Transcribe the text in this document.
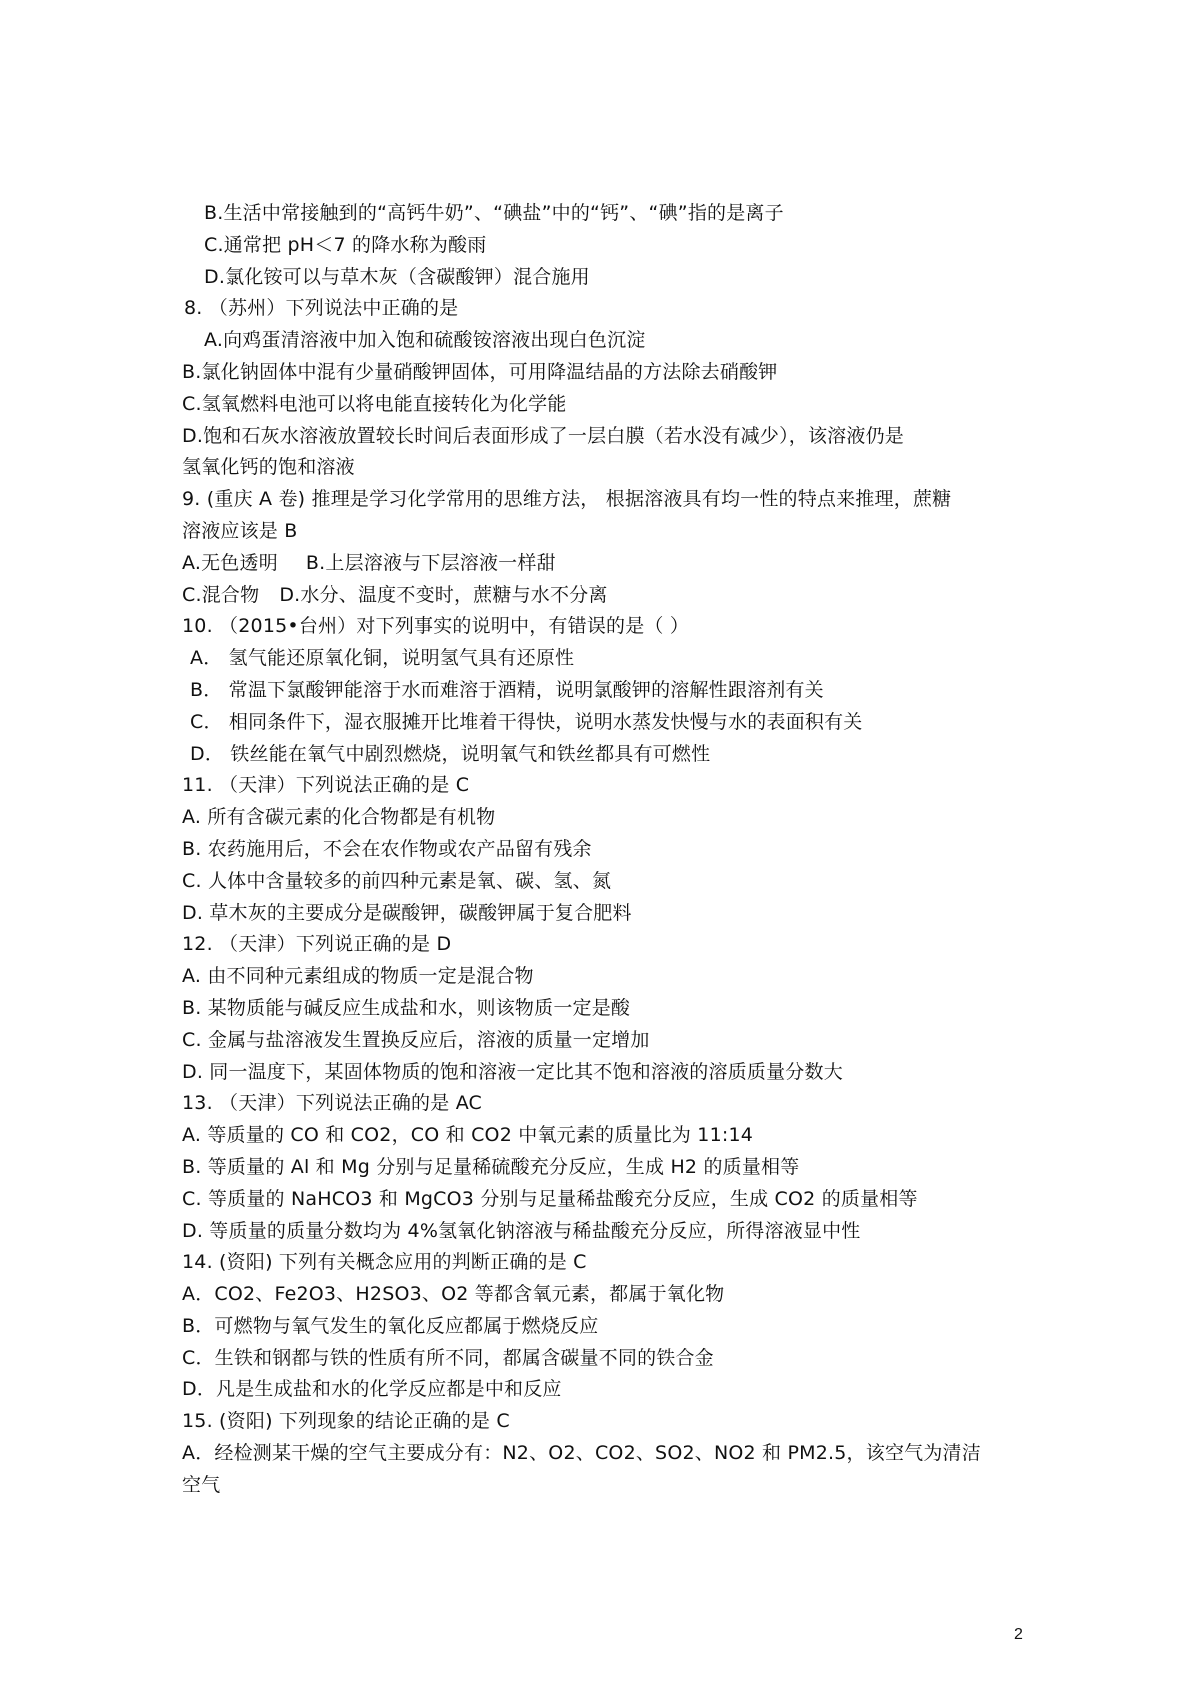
B.生活中常接触到的“高钙牛奶”、“碘盐”中的“钙”、“碘”指的是离子
C.通常把 pH＜7 的降水称为酸雨
D.氯化铵可以与草木灰（含碳酸钾）混合施用
8. （苏州）下列说法中正确的是
A.向鸡蛋清溶液中加入饱和硫酸铵溶液出现白色沉淀
B.氯化钠固体中混有少量硝酸钾固体，可用降温结晶的方法除去硝酸钾
C.氢氧燃料电池可以将电能直接转化为化学能
D.饱和石灰水溶液放置较长时间后表面形成了一层白膜（若水没有减少），该溶液仍是
氢氧化钙的饱和溶液
9. (重庆 A 卷) 推理是学习化学常用的思维方法， 根据溶液具有均一性的特点来推理，蔗糖
溶液应该是 B
A.无色透明 B.上层溶液与下层溶液一样甜
C.混合物 D.水分、温度不变时，蔗糖与水不分离
10. （2015•台州）对下列事实的说明中，有错误的是（ ）
A． 氢气能还原氧化铜，说明氢气具有还原性
B． 常温下氯酸钾能溶于水而难溶于酒精，说明氯酸钾的溶解性跟溶剂有关
C． 相同条件下，湿衣服摊开比堆着干得快，说明水蒸发快慢与水的表面积有关
D． 铁丝能在氧气中剧烈燃烧，说明氧气和铁丝都具有可燃性
11. （天津）下列说法正确的是 C
A. 所有含碳元素的化合物都是有机物
B. 农药施用后，不会在农作物或农产品留有残余
C. 人体中含量较多的前四种元素是氧、碳、氢、氮
D. 草木灰的主要成分是碳酸钾，碳酸钾属于复合肥料
12. （天津）下列说正确的是 D
A. 由不同种元素组成的物质一定是混合物
B. 某物质能与碱反应生成盐和水，则该物质一定是酸
C. 金属与盐溶液发生置换反应后，溶液的质量一定增加
D. 同一温度下，某固体物质的饱和溶液一定比其不饱和溶液的溶质质量分数大
13. （天津）下列说法正确的是 AC
A. 等质量的 CO 和 CO2，CO 和 CO2 中氧元素的质量比为 11:14
B. 等质量的 Al 和 Mg 分别与足量稀硫酸充分反应，生成 H2 的质量相等
C. 等质量的 NaHCO3 和 MgCO3 分别与足量稀盐酸充分反应，生成 CO2 的质量相等
D. 等质量的质量分数均为 4%氢氧化钠溶液与稀盐酸充分反应，所得溶液显中性
14. (资阳) 下列有关概念应用的判断正确的是 C
A．CO2、Fe2O3、H2SO3、O2 等都含氧元素，都属于氧化物
B．可燃物与氧气发生的氧化反应都属于燃烧反应
C．生铁和钢都与铁的性质有所不同，都属含碳量不同的铁合金
D．凡是生成盐和水的化学反应都是中和反应
15. (资阳) 下列现象的结论正确的是 C
A．经检测某干燥的空气主要成分有：N2、O2、CO2、SO2、NO2 和 PM2.5，该空气为清洁
空气
2
